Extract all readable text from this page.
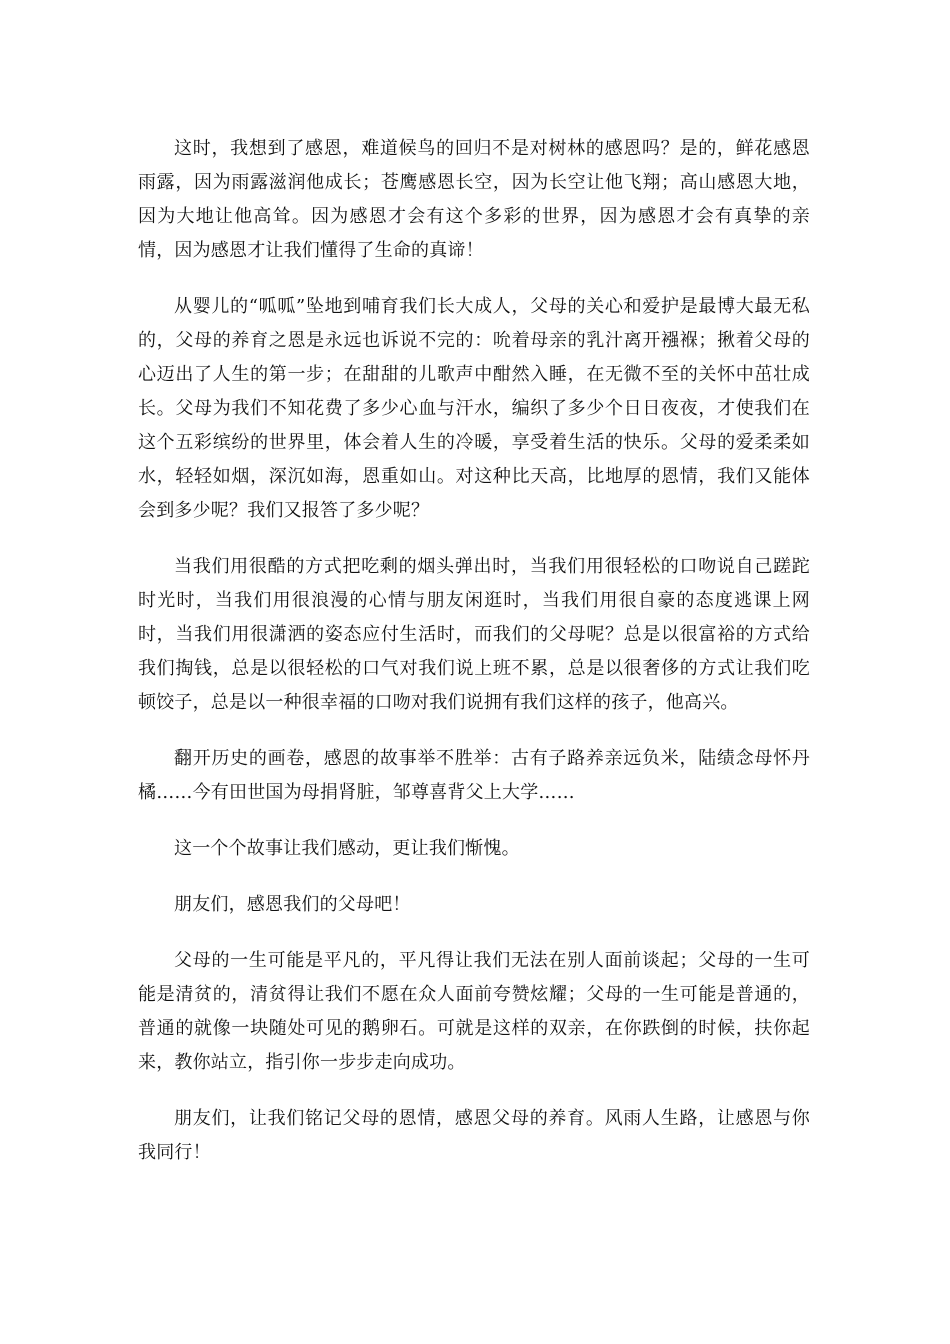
这时，我想到了感恩，难道候鸟的回归不是对树林的感恩吗？是的，鲜花感恩雨露，因为雨露滋润他成长；苍鹰感恩长空，因为长空让他飞翔；高山感恩大地，因为大地让他高耸。因为感恩才会有这个多彩的世界，因为感恩才会有真挚的亲情，因为感恩才让我们懂得了生命的真谛！

从婴儿的“呱呱”坠地到哺育我们长大成人，父母的关心和爱护是最博大最无私的，父母的养育之恩是永远也诉说不完的：吮着母亲的乳汁离开襁褓；揪着父母的心迈出了人生的第一步；在甜甜的儿歌声中酣然入睡，在无微不至的关怀中茁壮成长。父母为我们不知花费了多少心血与汗水，编织了多少个日日夜夜，才使我们在这个五彩缤纷的世界里，体会着人生的冷暖，享受着生活的快乐。父母的爱柔柔如水，轻轻如烟，深沉如海，恩重如山。对这种比天高，比地厚的恩情，我们又能体会到多少呢？我们又报答了多少呢？

当我们用很酷的方式把吃剩的烟头弹出时，当我们用很轻松的口吻说自己蹉跎时光时，当我们用很浪漫的心情与朋友闲逛时，当我们用很自豪的态度逃课上网时，当我们用很潇洒的姿态应付生活时，而我们的父母呢？总是以很富裕的方式给我们掏钱，总是以很轻松的口气对我们说上班不累，总是以很奢侈的方式让我们吃顿饺子，总是以一种很幸福的口吻对我们说拥有我们这样的孩子，他高兴。

翻开历史的画卷，感恩的故事举不胜举：古有子路养亲远负米，陆绩念母怀丹橘……今有田世国为母捐肾脏，邹尊喜背父上大学……

这一个个故事让我们感动，更让我们惭愧。

朋友们，感恩我们的父母吧！

父母的一生可能是平凡的，平凡得让我们无法在别人面前谈起；父母的一生可能是清贫的，清贫得让我们不愿在众人面前夸赞炫耀；父母的一生可能是普通的，普通的就像一块随处可见的鹅卵石。可就是这样的双亲，在你跌倒的时候，扶你起来，教你站立，指引你一步步走向成功。

朋友们，让我们铭记父母的恩情，感恩父母的养育。风雨人生路，让感恩与你我同行！
